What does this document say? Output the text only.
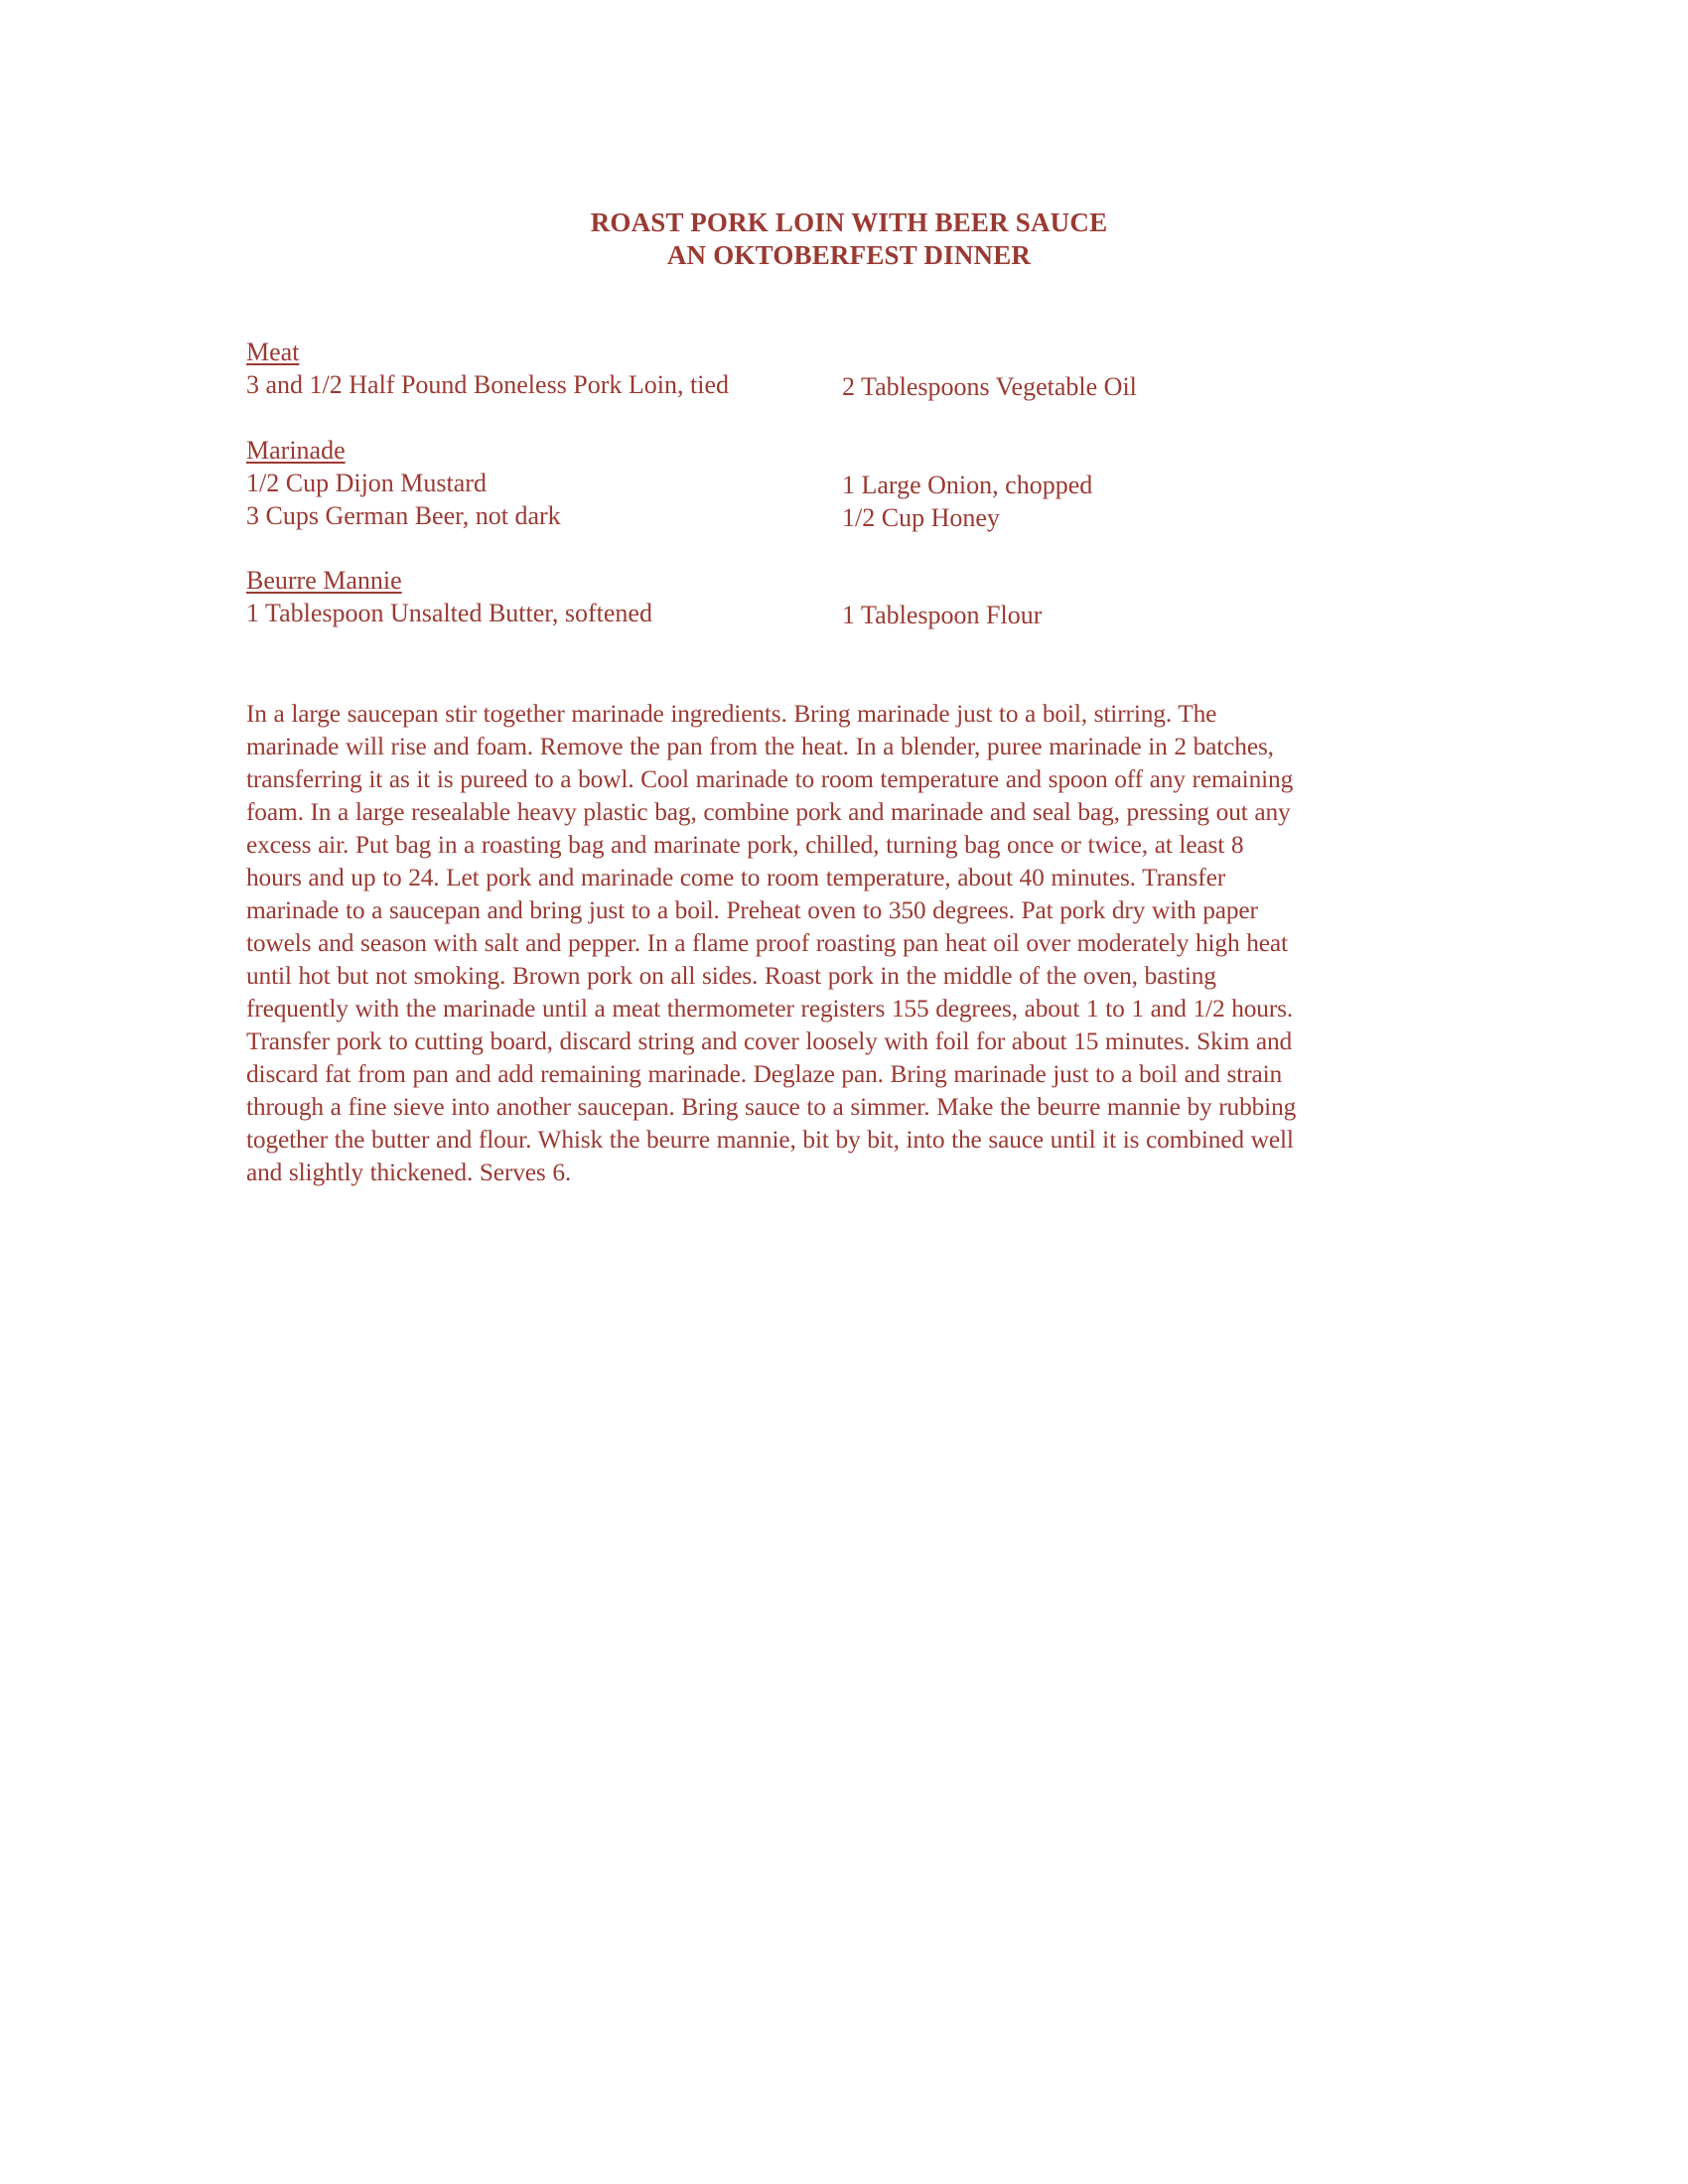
ROAST PORK LOIN WITH BEER SAUCE
AN OKTOBERFEST DINNER
Meat
3 and 1/2 Half Pound Boneless Pork Loin, tied	2 Tablespoons Vegetable Oil
Marinade
1/2 Cup Dijon Mustard	1 Large Onion, chopped
3 Cups German Beer, not dark	1/2 Cup Honey
Beurre Mannie
1 Tablespoon Unsalted Butter, softened	1 Tablespoon Flour
In a large saucepan stir together marinade ingredients. Bring marinade just to a boil, stirring. The
marinade will rise and foam. Remove the pan from the heat. In a blender, puree marinade in 2 batches,
transferring it as it is pureed to a bowl. Cool marinade to room temperature and spoon off any remaining
foam. In a large resealable heavy plastic bag, combine pork and marinade and seal bag, pressing out any
excess air. Put bag in a roasting bag and marinate pork, chilled, turning bag once or twice, at least 8
hours and up to 24. Let pork and marinade come to room temperature, about 40 minutes. Transfer
marinade to a saucepan and bring just to a boil. Preheat oven to 350 degrees. Pat pork dry with paper
towels and season with salt and pepper. In a flame proof roasting pan heat oil over moderately high heat
until hot but not smoking. Brown pork on all sides. Roast pork in the middle of the oven, basting
frequently with the marinade until a meat thermometer registers 155 degrees, about 1 to 1 and 1/2 hours.
Transfer pork to cutting board, discard string and cover loosely with foil for about 15 minutes. Skim and
discard fat from pan and add remaining marinade. Deglaze pan. Bring marinade just to a boil and strain
through a fine sieve into another saucepan. Bring sauce to a simmer. Make the beurre mannie by rubbing
together the butter and flour. Whisk the beurre mannie, bit by bit, into the sauce until it is combined well
and slightly thickened. Serves 6.
